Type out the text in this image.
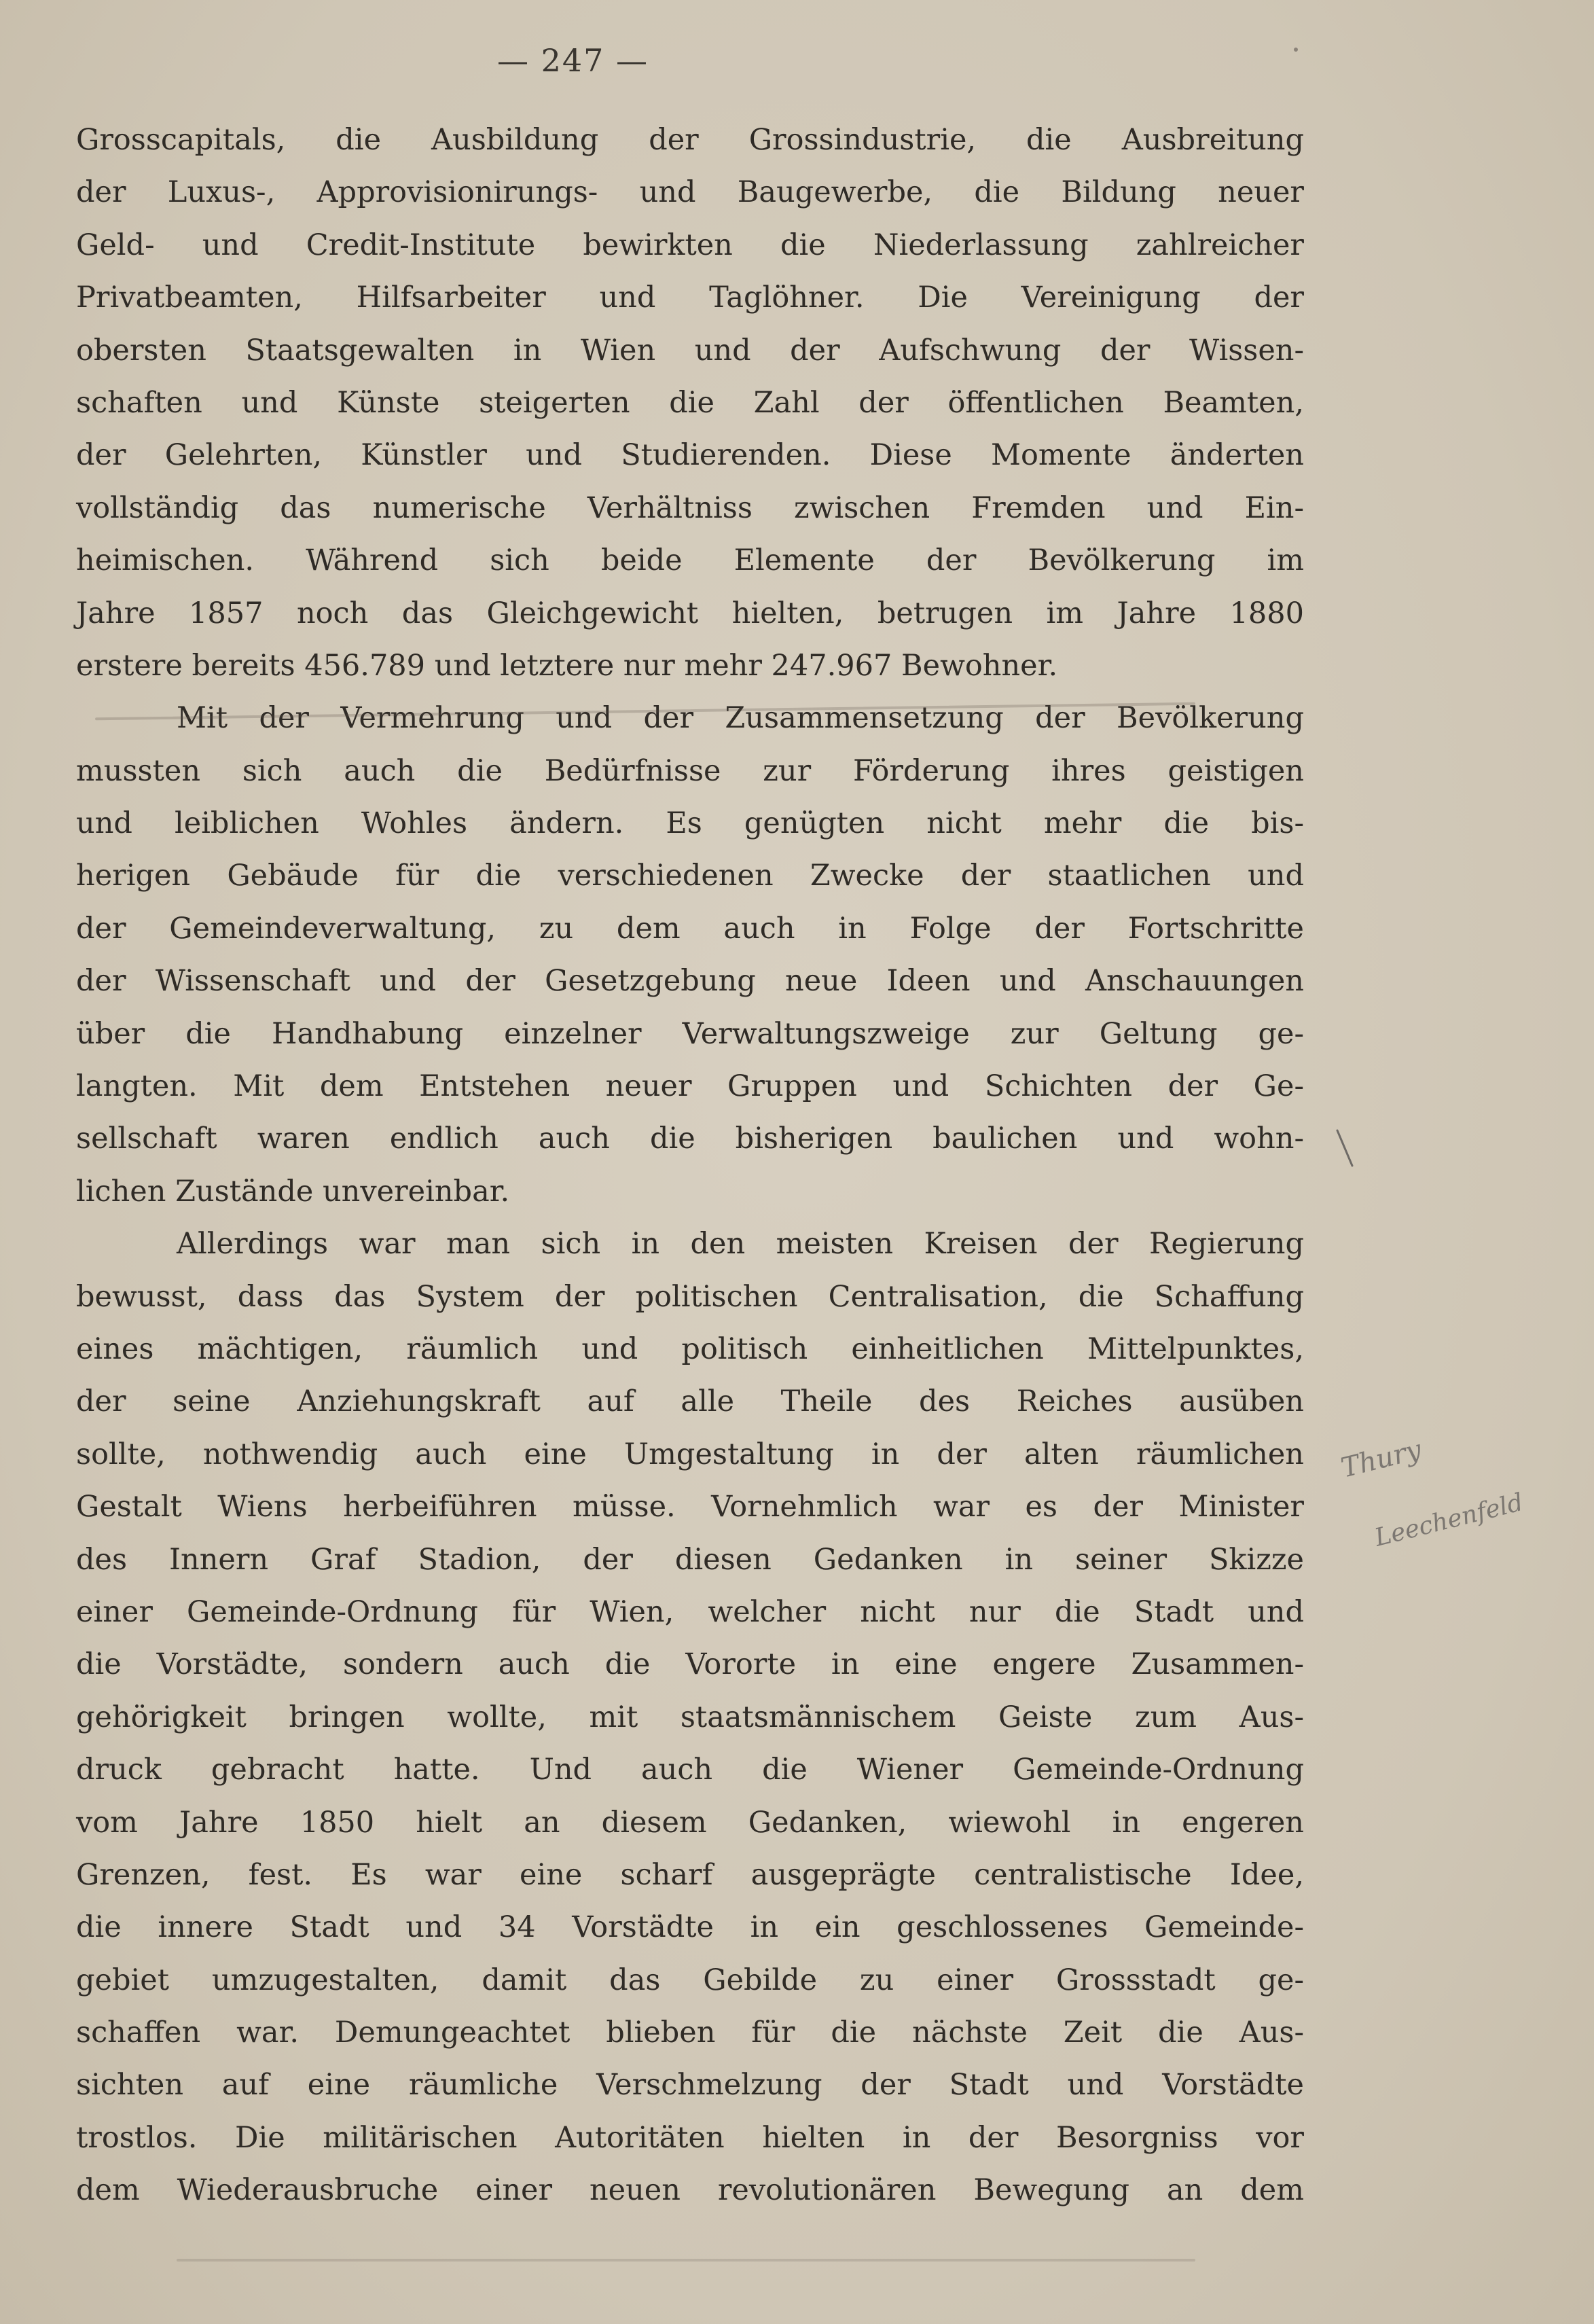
— 247 —
Grosscapitals, die Ausbildung der Grossindustrie, die Ausbreitung
der Luxus-, Approvisionirungs- und Baugewerbe, die Bildung neuer
Geld- und Credit-Institute bewirkten die Niederlassung zahlreicher
Privatbeamten, Hilfsarbeiter und Taglöhner. Die Vereinigung der
obersten Staatsgewalten in Wien und der Aufschwung der Wissen-
schaften und Künste steigerten die Zahl der öffentlichen Beamten,
der Gelehrten, Künstler und Studierenden. Diese Momente änderten
vollständig das numerische Verhältniss zwischen Fremden und Ein-
heimischen. Während sich beide Elemente der Bevölkerung im
Jahre 1857 noch das Gleichgewicht hielten, betrugen im Jahre 1880
erstere bereits 456.789 und letztere nur mehr 247.967 Bewohner.
Mit der Vermehrung und der Zusammensetzung der Bevölkerung
mussten sich auch die Bedürfnisse zur Förderung ihres geistigen
und leiblichen Wohles ändern. Es genügten nicht mehr die bis-
herigen Gebäude für die verschiedenen Zwecke der staatlichen und
der Gemeindeverwaltung, zu dem auch in Folge der Fortschritte
der Wissenschaft und der Gesetzgebung neue Ideen und Anschauungen
über die Handhabung einzelner Verwaltungszweige zur Geltung ge-
langten. Mit dem Entstehen neuer Gruppen und Schichten der Ge-
sellschaft waren endlich auch die bisherigen baulichen und wohn-
lichen Zustände unvereinbar.
Allerdings war man sich in den meisten Kreisen der Regierung
bewusst, dass das System der politischen Centralisation, die Schaffung
eines mächtigen, räumlich und politisch einheitlichen Mittelpunktes,
der seine Anziehungskraft auf alle Theile des Reiches ausüben
sollte, nothwendig auch eine Umgestaltung in der alten räumlichen
Gestalt Wiens herbeiführen müsse. Vornehmlich war es der Minister
des Innern Graf Stadion, der diesen Gedanken in seiner Skizze
einer Gemeinde-Ordnung für Wien, welcher nicht nur die Stadt und
die Vorstädte, sondern auch die Vororte in eine engere Zusammen-
gehörigkeit bringen wollte, mit staatsmännischem Geiste zum Aus-
druck gebracht hatte. Und auch die Wiener Gemeinde-Ordnung
vom Jahre 1850 hielt an diesem Gedanken, wiewohl in engeren
Grenzen, fest. Es war eine scharf ausgeprägte centralistische Idee,
die innere Stadt und 34 Vorstädte in ein geschlossenes Gemeinde-
gebiet umzugestalten, damit das Gebilde zu einer Grossstadt ge-
schaffen war. Demungeachtet blieben für die nächste Zeit die Aus-
sichten auf eine räumliche Verschmelzung der Stadt und Vorstädte
trostlos. Die militärischen Autoritäten hielten in der Besorgniss vor
dem Wiederausbruche einer neuen revolutionären Bewegung an dem
Thury
Leechenfeld
